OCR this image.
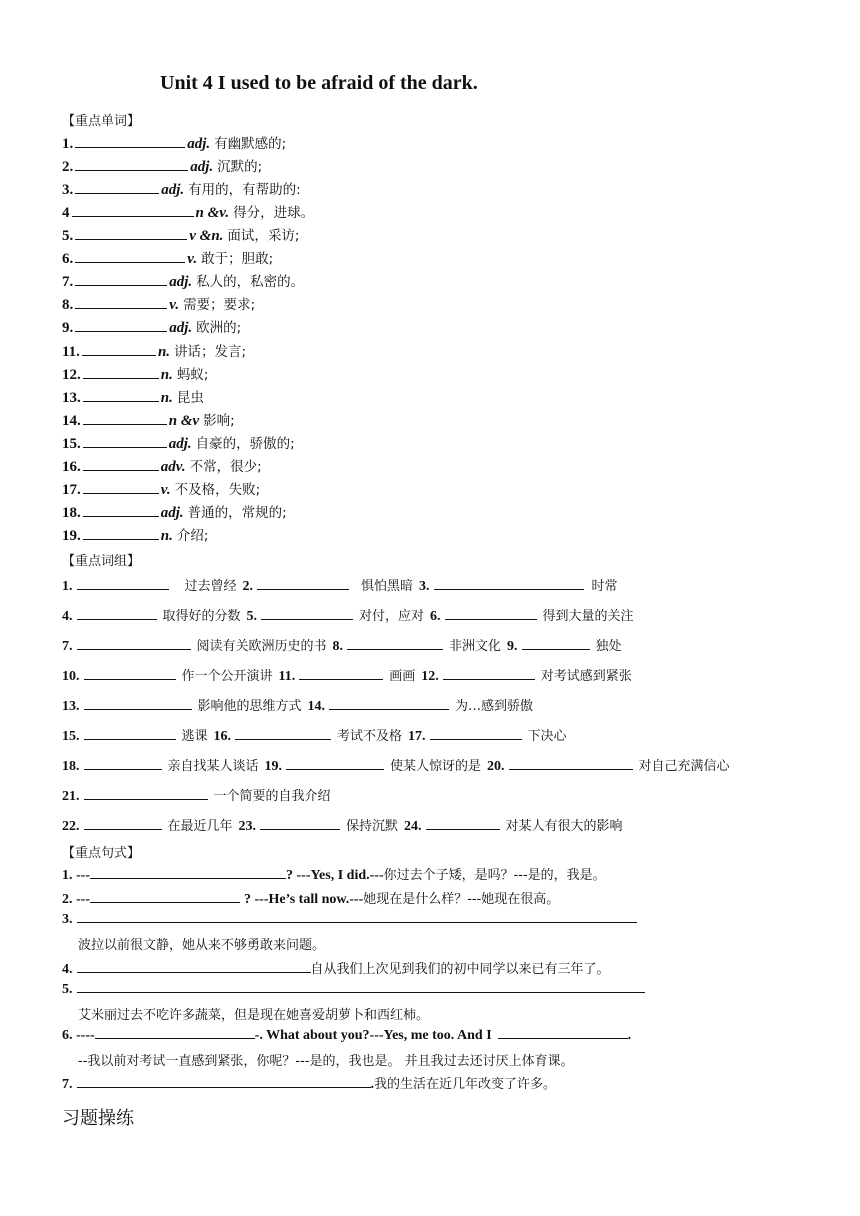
Unit 4 I used to be afraid of the dark.
【重点单词】
1.	adj. 有幽默感的;
2.	adj. 沉默的;
3.	adj. 有用的，有帮助的:
4	n &v. 得分，进球。
5.	v &n. 面试，采访;
6.	v. 敢于；胆敢;
7.	adj. 私人的，私密的。
8.	v. 需要；要求;
9.	adj. 欧洲的;
11.	n. 讲话；发言;
12.	n. 蚂蚁;
13.	n. 昆虫
14.	n &v 影响;
15.	adj. 自豪的，骄傲的;
16.	adv. 不常，很少;
17.	v. 不及格，失败;
18.	adj. 普通的，常规的;
19.	n. 介绍;
【重点词组】
1.	过去曾经 2.	惧怕黑暗 3.	时常
4.	取得好的分数 5.	对付，应对 6.	得到大量的关注
7.	阅读有关欧洲历史的书 8.	非洲文化 9.	独处
10.	作一个公开演讲 11.	画画 12.	对考试感到紧张
13.	影响他的思维方式 14.	为…感到骄傲
15.	逃课 16.	考试不及格 17.	下决心
18.	亲自找某人谈话 19.	使某人惊讶的是 20.	对自己充满信心
21.	一个简要的自我介绍
22.	在最近几年 23.	保持沉默 24.	对某人有很大的影响
【重点句式】
1. ---	? ---Yes, I did.---你过去个子矮，是吗？---是的，我是。
2. ---	? ---He’s tall now.---她现在是什么样？---她现在很高。
3.
波拉以前很文静，她从来不够勇敢来问题。
4.	自从我们上次见到我们的初中同学以来已有三年了。
5.
艾米丽过去不吃许多蔬菜，但是现在她喜爱胡萝卜和西红柿。
6. ----	-. What about you?---Yes, me too. And I	.
--我以前对考试一直感到紧张，你呢？---是的，我也是。 并且我过去还讨厌上体育课。
7.	.我的生活在近几年改变了许多。
习题操练
